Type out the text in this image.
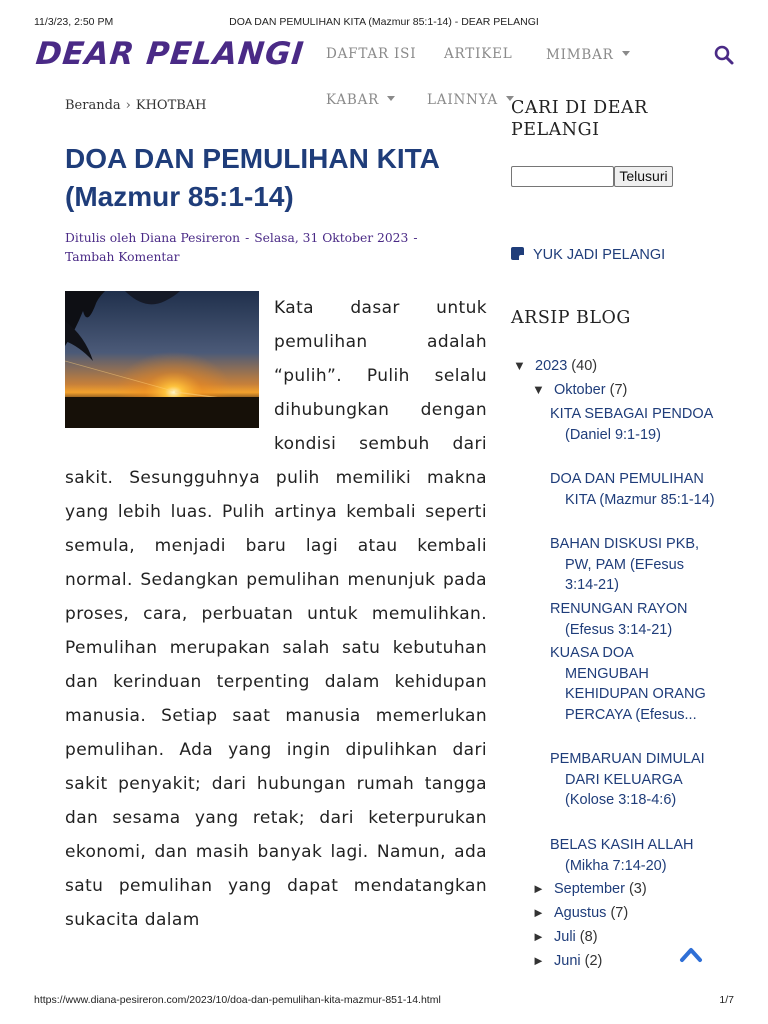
11/3/23, 2:50 PM	DOA DAN PEMULIHAN KITA (Mazmur 85:1-14) - DEAR PELANGI
DEAR PELANGI DAFTAR ISI ARTIKEL MIMBAR
KABAR	LAINNYA
Beranda › KHOTBAH
DOA DAN PEMULIHAN KITA (Mazmur 85:1-14)
Ditulis oleh Diana Pesireron - Selasa, 31 Oktober 2023 -
Tambah Komentar
Kata dasar untuk pemulihan adalah “pulih”. Pulih selalu dihubungkan dengan kondisi sembuh dari sakit. Sesungguhnya pulih memiliki makna yang lebih luas. Pulih artinya kembali seperti semula, menjadi baru lagi atau kembali normal. Sedangkan pemulihan menunjuk pada proses, cara, perbuatan untuk memulihkan. Pemulihan merupakan salah satu kebutuhan dan kerinduan terpenting dalam kehidupan manusia. Setiap saat manusia memerlukan pemulihan. Ada yang ingin dipulihkan dari sakit penyakit; dari hubungan rumah tangga dan sesama yang retak; dari keterpurukan ekonomi, dan masih banyak lagi. Namun, ada satu pemulihan yang dapat mendatangkan sukacita dalam
CARI DI DEAR PELANGI
Telusuri
YUK JADI PELANGI
ARSIP BLOG
▼ 2023 (40)
▼ Oktober (7)
KITA SEBAGAI PENDOA (Daniel 9:1-19)
DOA DAN PEMULIHAN KITA (Mazmur 85:1-14)
BAHAN DISKUSI PKB, PW, PAM (EFesus 3:14-21)
RENUNGAN RAYON (Efesus 3:14-21)
KUASA DOA MENGUBAH KEHIDUPAN ORANG PERCAYA (Efesus...
PEMBARUAN DIMULAI DARI KELUARGA (Kolose 3:18-4:6)
BELAS KASIH ALLAH (Mikha 7:14-20)
► September (3)
► Agustus (7)
► Juli (8)
► Juni (2)
https://www.diana-pesireron.com/2023/10/doa-dan-pemulihan-kita-mazmur-851-14.html	1/7
